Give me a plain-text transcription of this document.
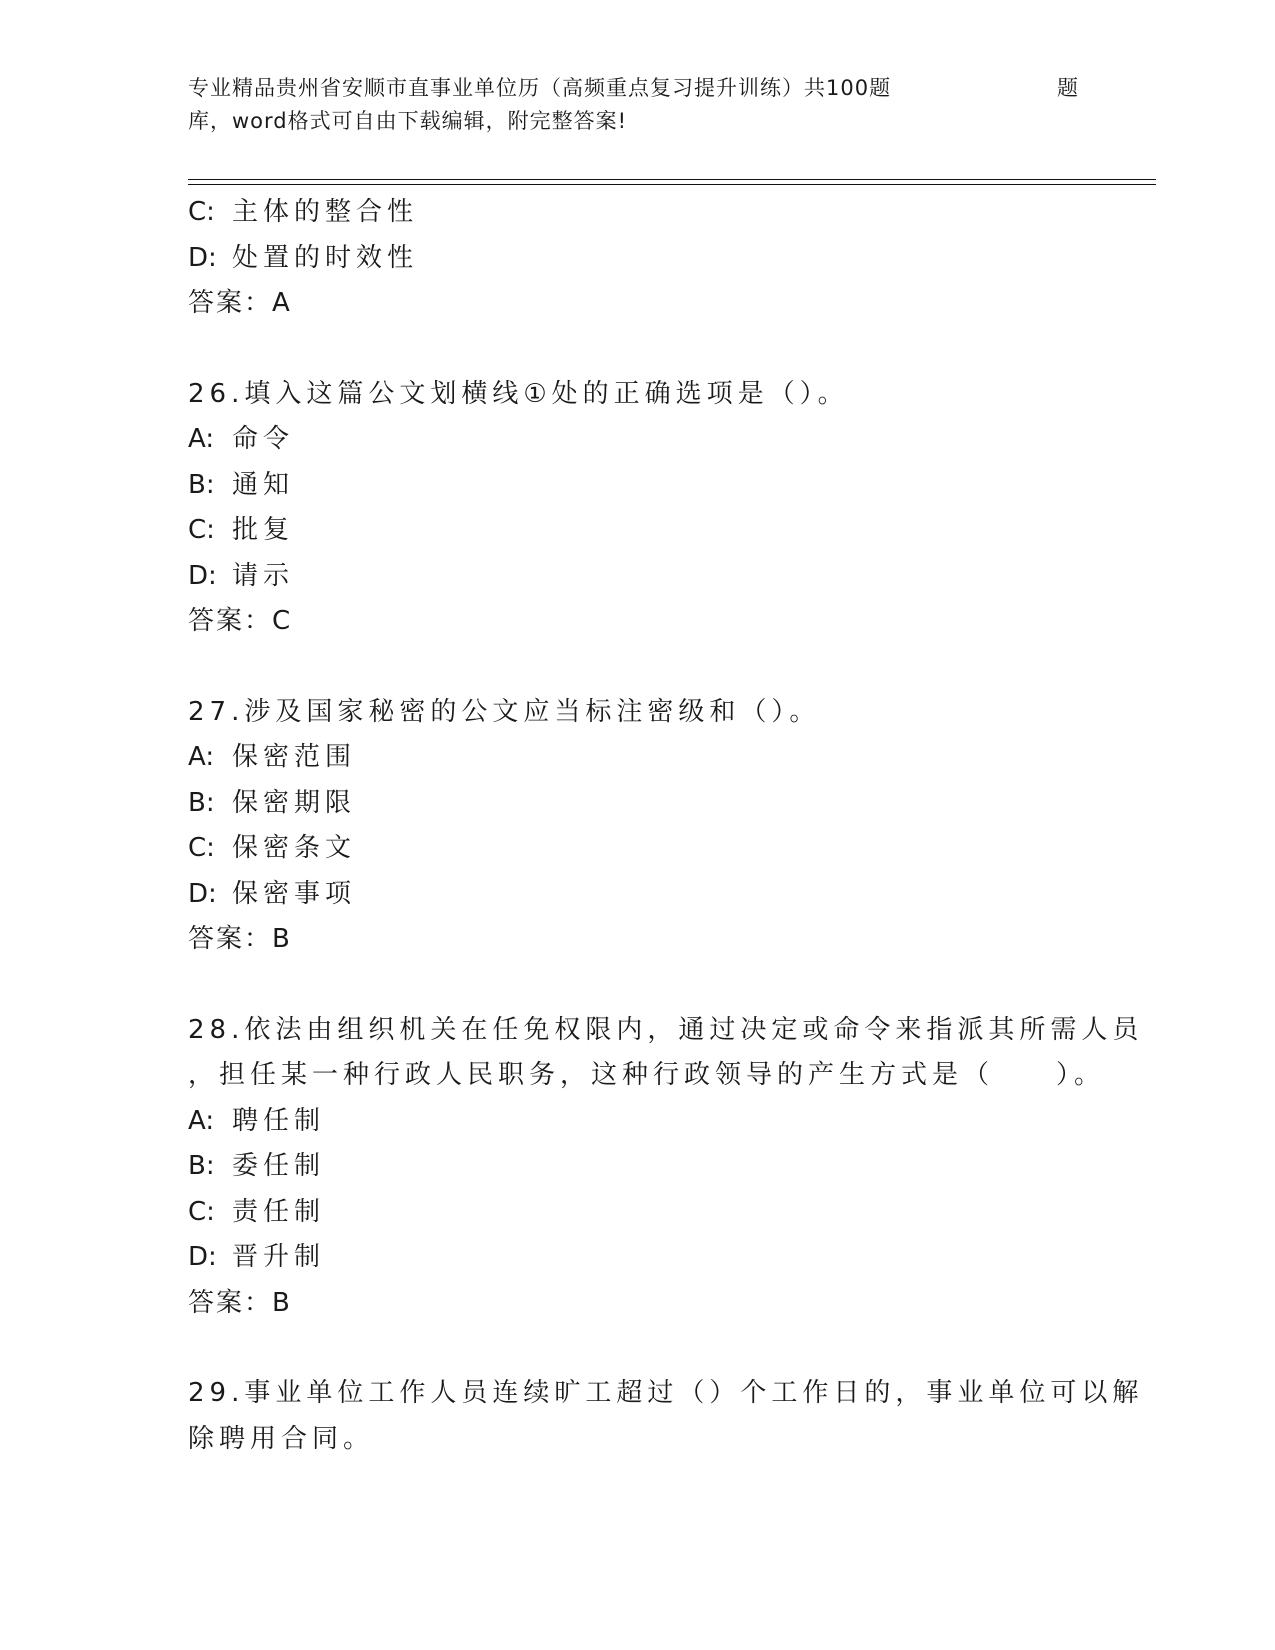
专业精品贵州省安顺市直事业单位历（高频重点复习提升训练）共100题
库，word格式可自由下载编辑，附完整答案!
题
C: 主体的整合性
D: 处置的时效性
答案：A
26.填入这篇公文划横线①处的正确选项是（）。
A: 命令
B: 通知
C: 批复
D: 请示
答案：C
27.涉及国家秘密的公文应当标注密级和（）。
A: 保密范围
B: 保密期限
C: 保密条文
D: 保密事项
答案：B
28.依法由组织机关在任免权限内，通过决定或命令来指派其所需人员
，担任某一种行政人民职务，这种行政领导的产生方式是（　　）。
A: 聘任制
B: 委任制
C: 责任制
D: 晋升制
答案：B
29.事业单位工作人员连续旷工超过（）个工作日的，事业单位可以解
除聘用合同。
